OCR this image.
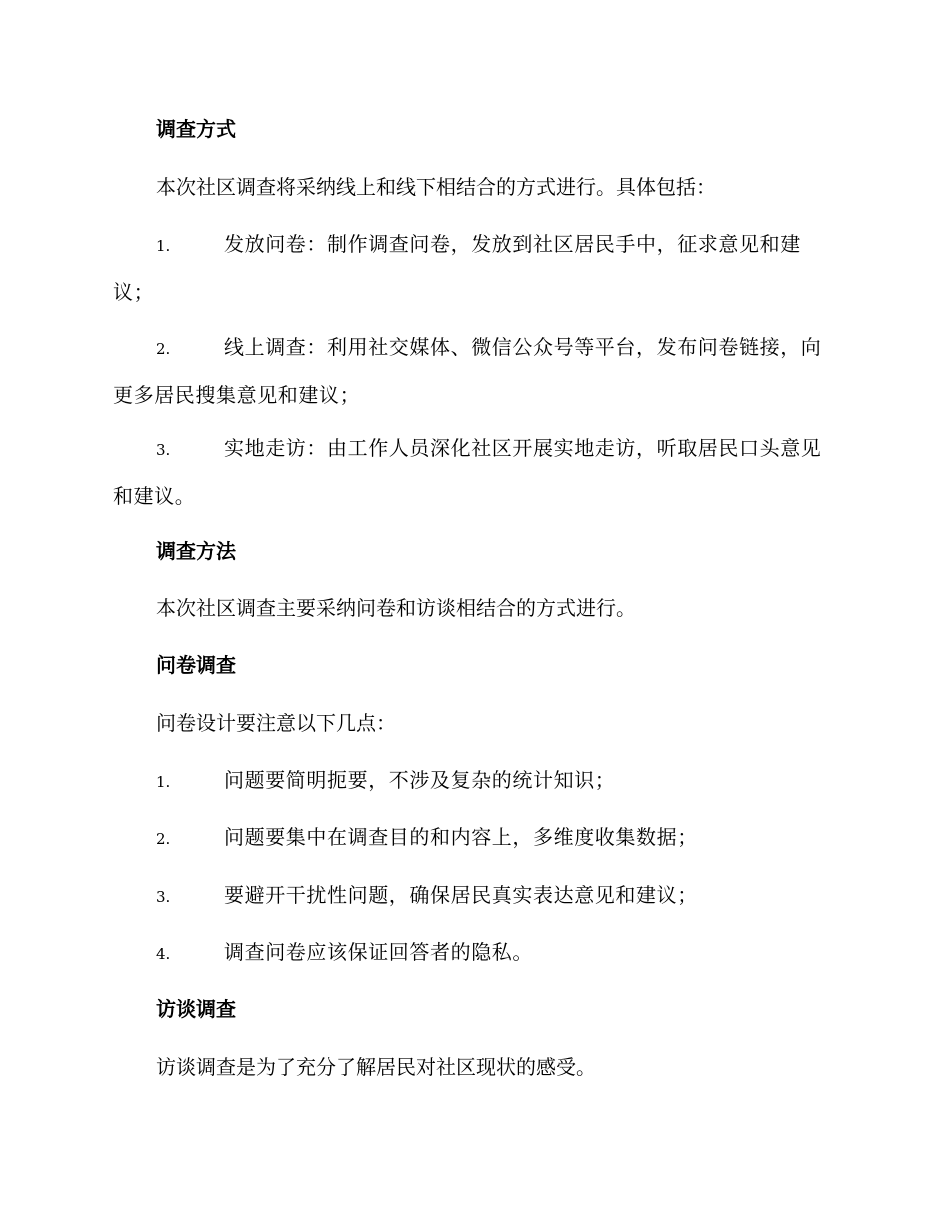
调查方式
本次社区调查将采纳线上和线下相结合的方式进行。具体包括：
1.	发放问卷：制作调查问卷，发放到社区居民手中，征求意见和建议；
2.	线上调查：利用社交媒体、微信公众号等平台，发布问卷链接，向更多居民搜集意见和建议；
3.	实地走访：由工作人员深化社区开展实地走访，听取居民口头意见和建议。
调查方法
本次社区调查主要采纳问卷和访谈相结合的方式进行。
问卷调查
问卷设计要注意以下几点：
1.	问题要简明扼要，不涉及复杂的统计知识；
2.	问题要集中在调查目的和内容上，多维度收集数据；
3.	要避开干扰性问题，确保居民真实表达意见和建议；
4.	调查问卷应该保证回答者的隐私。
访谈调查
访谈调查是为了充分了解居民对社区现状的感受。
